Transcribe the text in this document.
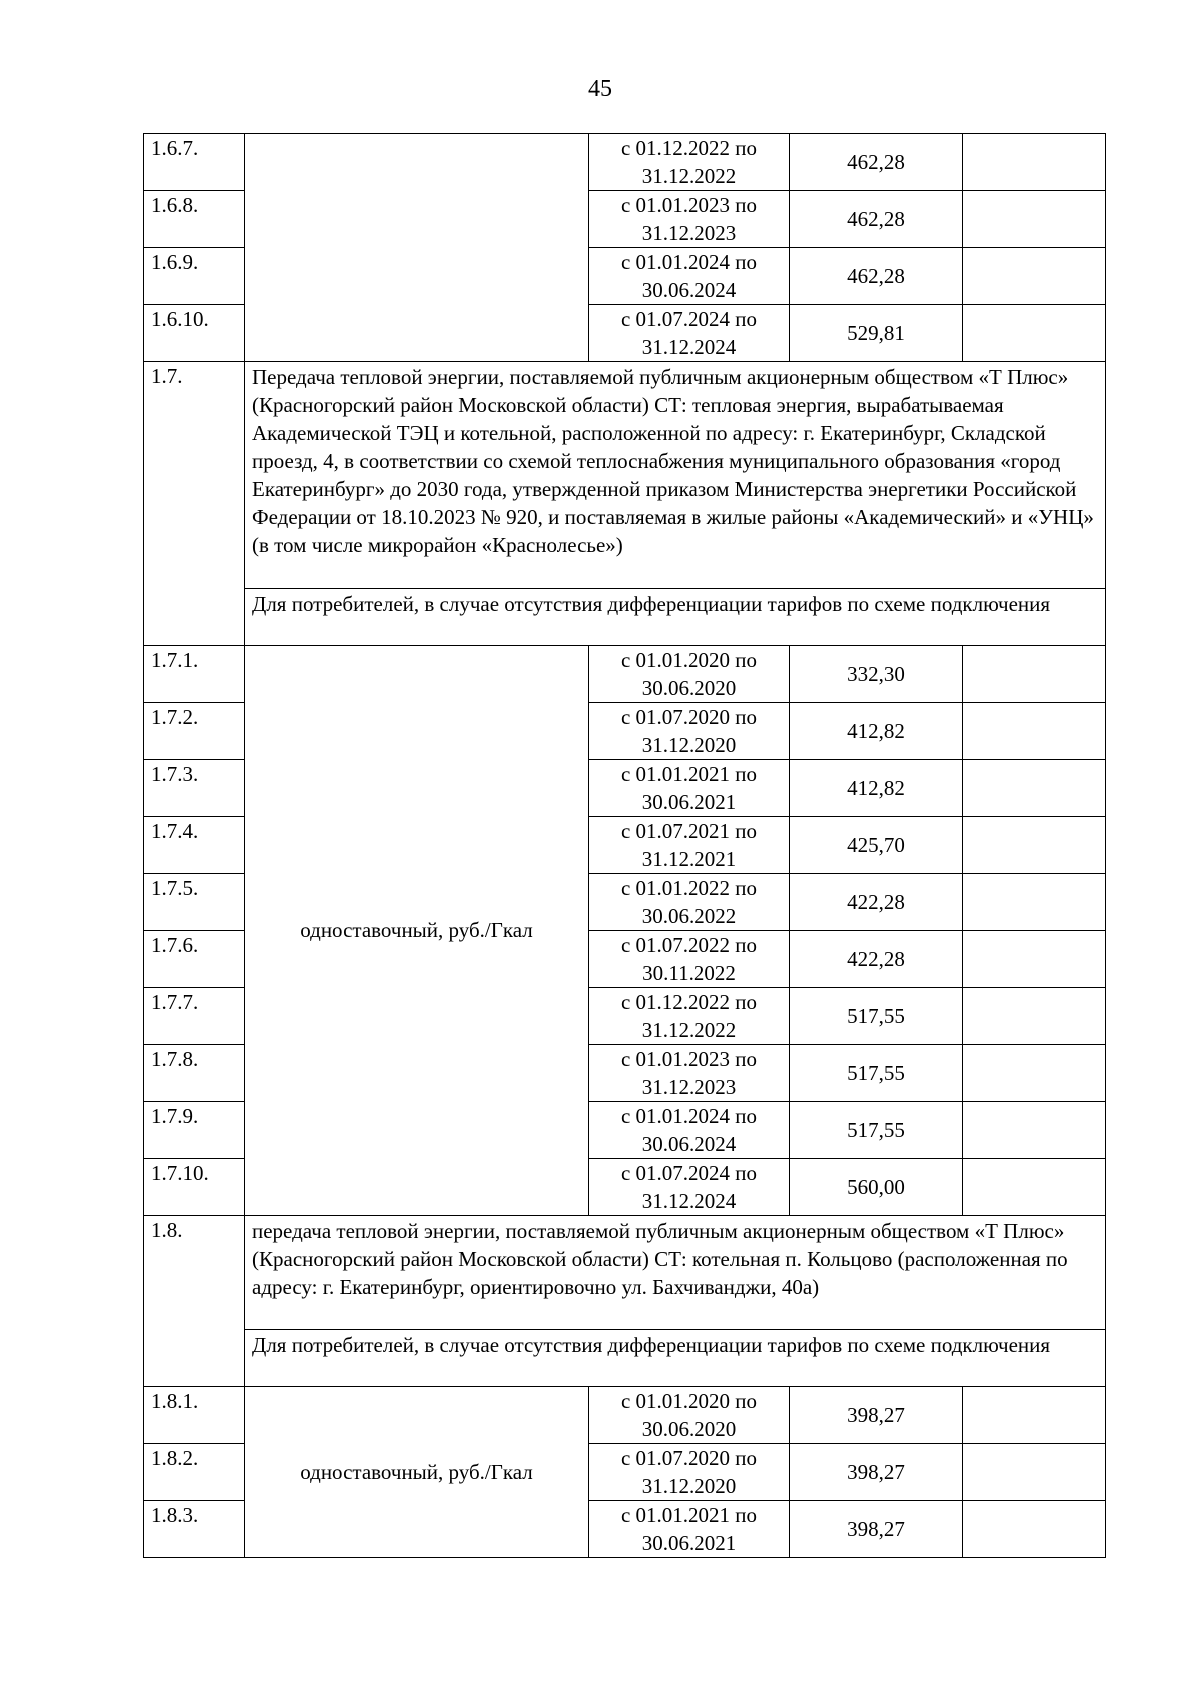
45
1.6.7.		с 01.12.2022 по 31.12.2022	462,28	
1.6.8.		с 01.01.2023 по 31.12.2023	462,28	
1.6.9.		с 01.01.2024 по 30.06.2024	462,28	
1.6.10.		с 01.07.2024 по 31.12.2024	529,81	
1.7.	Передача тепловой энергии, поставляемой публичным акционерным обществом «Т Плюс» (Красногорский район Московской области) СТ: тепловая энергия, вырабатываемая Академической ТЭЦ и котельной, расположенной по адресу: г. Екатеринбург, Складской проезд, 4, в соответствии со схемой теплоснабжения муниципального образования «город Екатеринбург» до 2030 года, утвержденной приказом Министерства энергетики Российской Федерации от 18.10.2023 № 920, и поставляемая в жилые районы «Академический» и «УНЦ» (в том числе микрорайон «Краснолесье»)			
	Для потребителей, в случае отсутствия дифференциации тарифов по схеме подключения			
1.7.1.	одноставочный, руб./Гкал	с 01.01.2020 по 30.06.2020	332,30	
1.7.2.		с 01.07.2020 по 31.12.2020	412,82	
1.7.3.		с 01.01.2021 по 30.06.2021	412,82	
1.7.4.		с 01.07.2021 по 31.12.2021	425,70	
1.7.5.		с 01.01.2022 по 30.06.2022	422,28	
1.7.6.		с 01.07.2022 по 30.11.2022	422,28	
1.7.7.		с 01.12.2022 по 31.12.2022	517,55	
1.7.8.		с 01.01.2023 по 31.12.2023	517,55	
1.7.9.		с 01.01.2024 по 30.06.2024	517,55	
1.7.10.		с 01.07.2024 по 31.12.2024	560,00	
1.8.	передача тепловой энергии, поставляемой публичным акционерным обществом «Т Плюс» (Красногорский район Московской области) СТ: котельная п. Кольцово (расположенная по адресу: г. Екатеринбург, ориентировочно ул. Бахчиванджи, 40а)			
	Для потребителей, в случае отсутствия дифференциации тарифов по схеме подключения			
1.8.1.	одноставочный, руб./Гкал	с 01.01.2020 по 30.06.2020	398,27	
1.8.2.		с 01.07.2020 по 31.12.2020	398,27	
1.8.3.		с 01.01.2021 по 30.06.2021	398,27	
